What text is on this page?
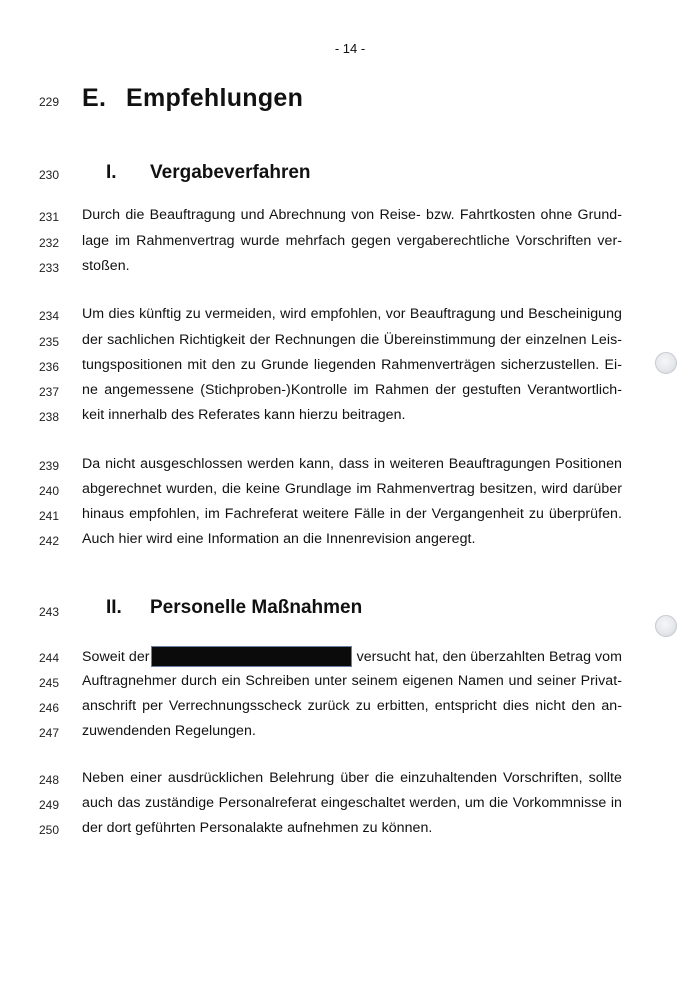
- 14 -
229 E. Empfehlungen
230	I. Vergabeverfahren
231	Durch die Beauftragung und Abrechnung von Reise- bzw. Fahrtkosten ohne Grund-
232	lage im Rahmenvertrag wurde mehrfach gegen vergaberechtliche Vorschriften ver-
233	stoßen.
234	Um dies künftig zu vermeiden, wird empfohlen, vor Beauftragung und Bescheinigung
235	der sachlichen Richtigkeit der Rechnungen die Übereinstimmung der einzelnen Leis-
236	tungspositionen mit den zu Grunde liegenden Rahmenverträgen sicherzustellen. Ei-
237	ne angemessene (Stichproben-)Kontrolle im Rahmen der gestuften Verantwortlich-
238	keit innerhalb des Referates kann hierzu beitragen.
239	Da nicht ausgeschlossen werden kann, dass in weiteren Beauftragungen Positionen
240	abgerechnet wurden, die keine Grundlage im Rahmenvertrag besitzen, wird darüber
241	hinaus empfohlen, im Fachreferat weitere Fälle in der Vergangenheit zu überprüfen.
242	Auch hier wird eine Information an die Innenrevision angeregt.
243	II. Personelle Maßnahmen
244	Soweit der	versucht hat, den überzahlten Betrag vom
245	Auftragnehmer durch ein Schreiben unter seinem eigenen Namen und seiner Privat-
246	anschrift per Verrechnungsscheck zurück zu erbitten, entspricht dies nicht den an-
247	zuwendenden Regelungen.
248	Neben einer ausdrücklichen Belehrung über die einzuhaltenden Vorschriften, sollte
249	auch das zuständige Personalreferat eingeschaltet werden, um die Vorkommnisse in
250	der dort geführten Personalakte aufnehmen zu können.
